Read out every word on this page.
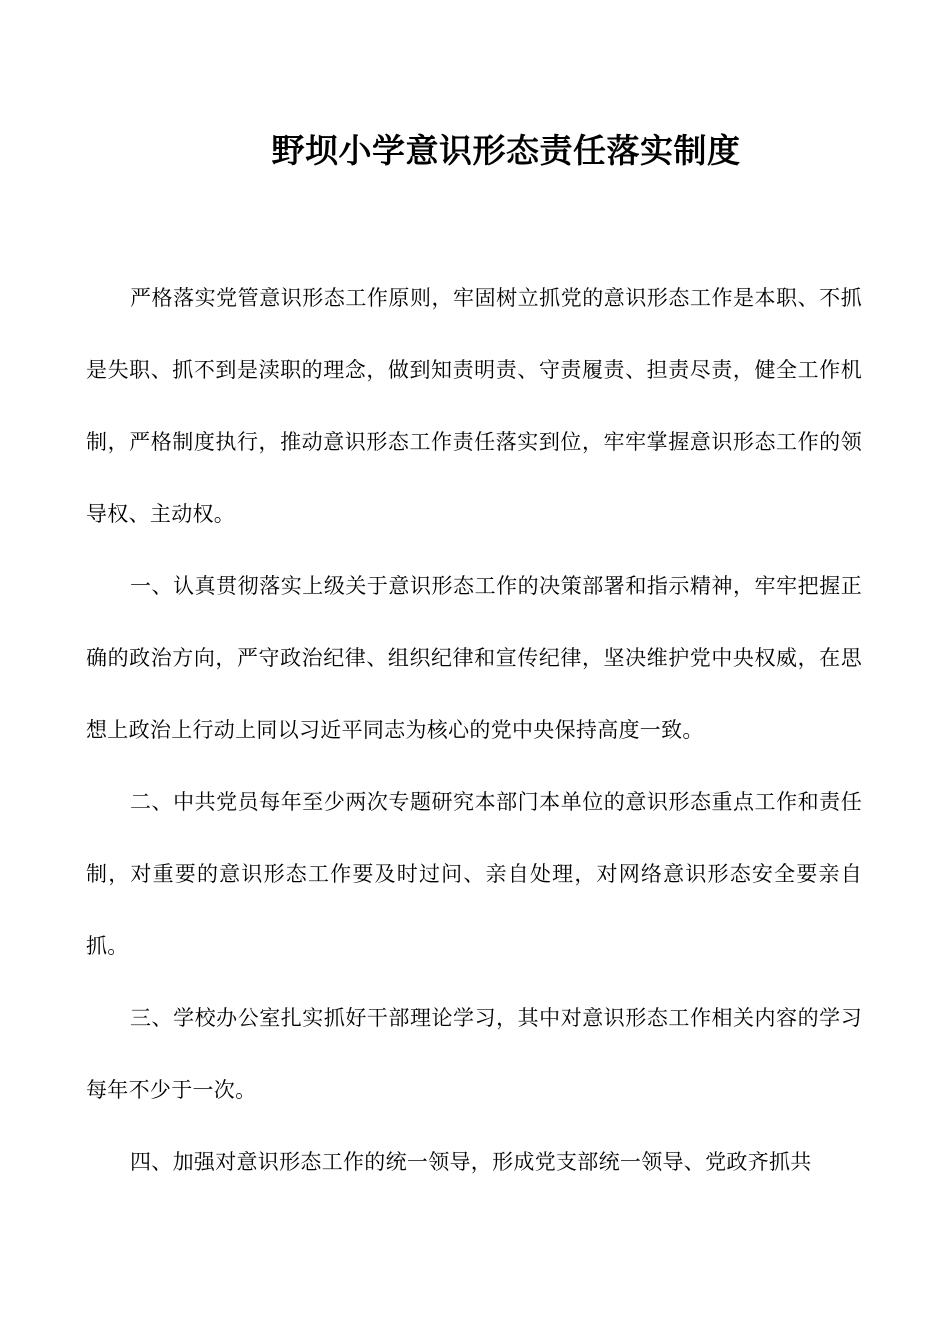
野坝小学意识形态责任落实制度

严格落实党管意识形态工作原则，牢固树立抓党的意识形态工作是本职、不抓是失职、抓不到是渎职的理念，做到知责明责、守责履责、担责尽责，健全工作机制，严格制度执行，推动意识形态工作责任落实到位，牢牢掌握意识形态工作的领导权、主动权。

一、认真贯彻落实上级关于意识形态工作的决策部署和指示精神，牢牢把握正确的政治方向，严守政治纪律、组织纪律和宣传纪律，坚决维护党中央权威，在思想上政治上行动上同以习近平同志为核心的党中央保持高度一致。

二、中共党员每年至少两次专题研究本部门本单位的意识形态重点工作和责任制，对重要的意识形态工作要及时过问、亲自处理，对网络意识形态安全要亲自抓。

三、学校办公室扎实抓好干部理论学习，其中对意识形态工作相关内容的学习每年不少于一次。

四、加强对意识形态工作的统一领导，形成党支部统一领导、党政齐抓共
